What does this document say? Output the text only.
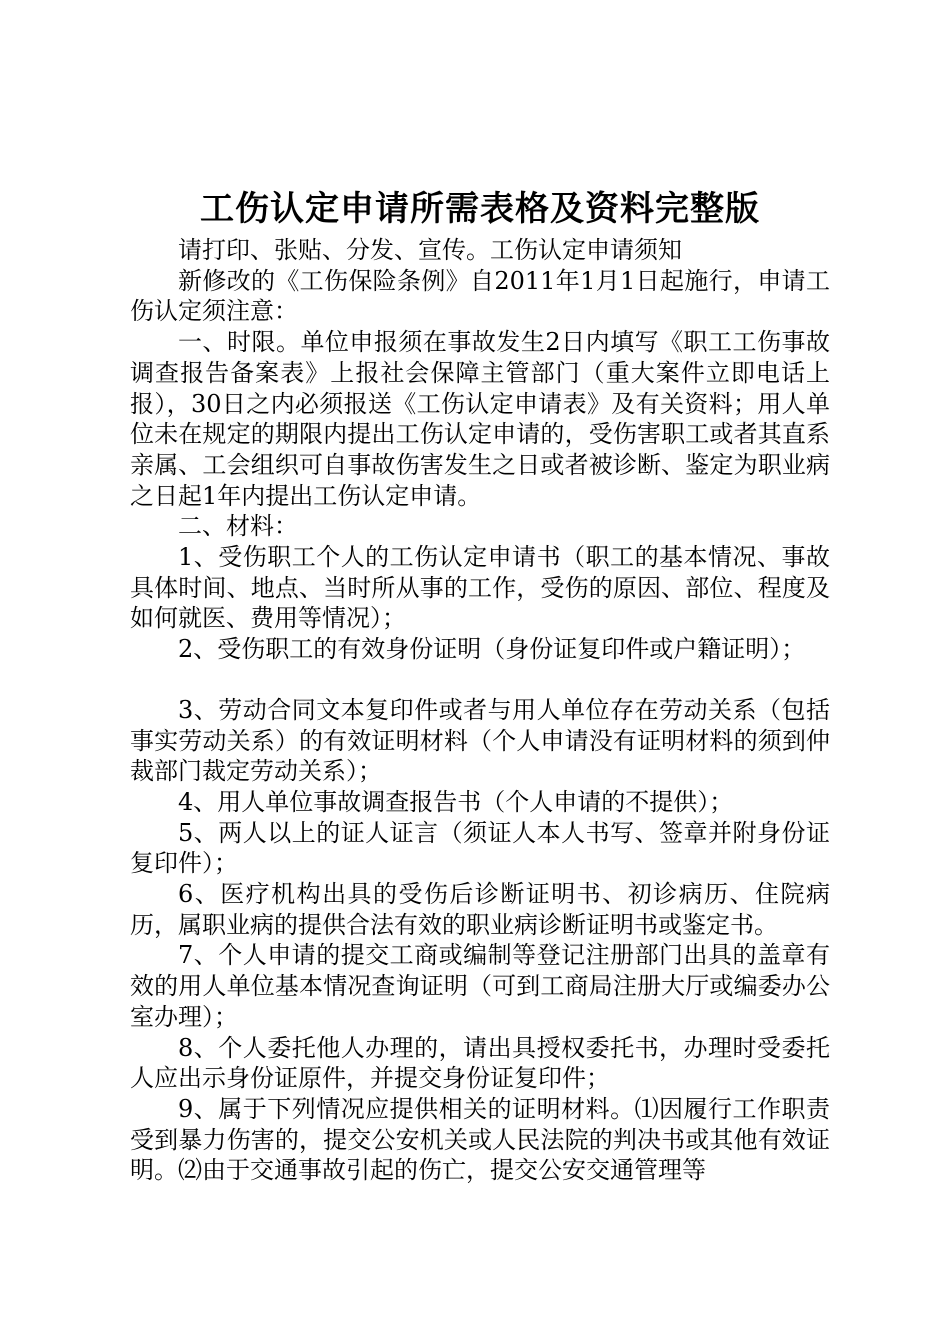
工伤认定申请所需表格及资料完整版

请打印、张贴、分发、宣传。工伤认定申请须知

新修改的《工伤保险条例》自2011年1月1日起施行，申请工伤认定须注意：

一、时限。单位申报须在事故发生2日内填写《职工工伤事故调查报告备案表》上报社会保障主管部门（重大案件立即电话上报），30日之内必须报送《工伤认定申请表》及有关资料；用人单位未在规定的期限内提出工伤认定申请的，受伤害职工或者其直系亲属、工会组织可自事故伤害发生之日或者被诊断、鉴定为职业病之日起1年内提出工伤认定申请。

二、材料：

1、受伤职工个人的工伤认定申请书（职工的基本情况、事故具体时间、地点、当时所从事的工作，受伤的原因、部位、程度及如何就医、费用等情况）；

2、受伤职工的有效身份证明（身份证复印件或户籍证明）；

3、劳动合同文本复印件或者与用人单位存在劳动关系（包括事实劳动关系）的有效证明材料（个人申请没有证明材料的须到仲裁部门裁定劳动关系）；

4、用人单位事故调查报告书（个人申请的不提供）；

5、两人以上的证人证言（须证人本人书写、签章并附身份证复印件）；

6、医疗机构出具的受伤后诊断证明书、初诊病历、住院病历，属职业病的提供合法有效的职业病诊断证明书或鉴定书。

7、个人申请的提交工商或编制等登记注册部门出具的盖章有效的用人单位基本情况查询证明（可到工商局注册大厅或编委办公室办理）；

8、个人委托他人办理的，请出具授权委托书，办理时受委托人应出示身份证原件，并提交身份证复印件；

9、属于下列情况应提供相关的证明材料。⑴因履行工作职责受到暴力伤害的，提交公安机关或人民法院的判决书或其他有效证明。⑵由于交通事故引起的伤亡，提交公安交通管理等
